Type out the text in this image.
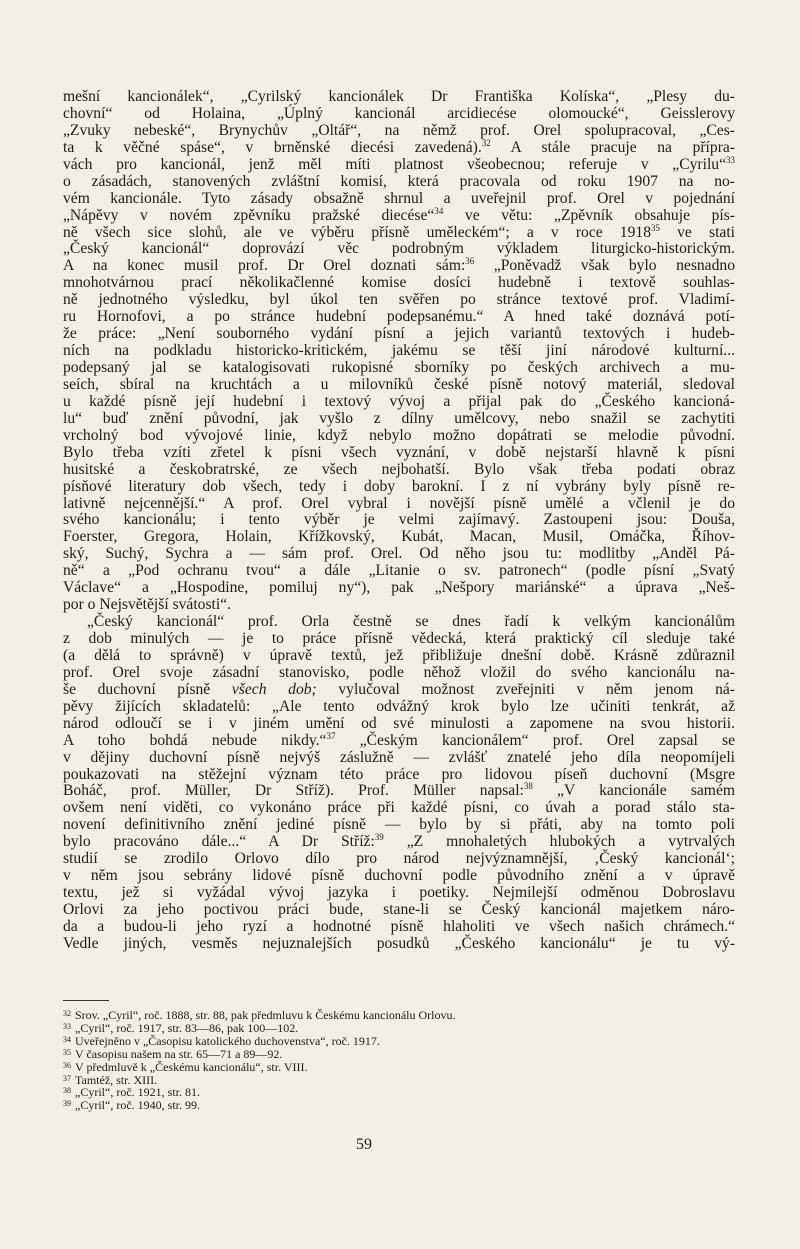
mešní kancionálek“, „Cyrilský kancionálek Dr Františka Kolíska“, „Plesy du-
chovní“ od Holaina, „Úplný kancionál arcidiecése olomoucké“, Geisslerovy
„Zvuky nebeské“, Brynychův „Oltář“, na němž prof. Orel spolupracoval, „Ces-
ta k věčné spáse“, v brněnské diecési zavedená).$^{32}$ A stále pracuje na přípra-
vách pro kancionál, jenž měl míti platnost všeobecnou; referuje v „Cyrilu“$^{33}$
o zásadách, stanovených zvláštní komisí, která pracovala od roku 1907 na no-
vém kancionále. Tyto zásady obsažně shrnul a uveřejnil prof. Orel v pojednání
„Nápěvy v novém zpěvníku pražské diecése“$^{34}$ ve větu: „Zpěvník obsahuje pís-
ně všech sice slohů, ale ve výběru přísně uměleckém“; a v roce 1918$^{35}$ ve stati
„Český kancionál“ doprovází věc podrobným výkladem liturgicko-historickým.
A na konec musil prof. Dr Orel doznati sám:$^{36}$ „Poněvadž však bylo nesnadno
mnohotvárnou prací několikačlenné komise dosíci hudebně i textově souhlas-
ně jednotného výsledku, byl úkol ten svěřen po stránce textové prof. Vladimí-
ru Hornofovi, a po stránce hudební podepsanému.“ A hned také doznává potí-
že práce: „Není souborného vydání písní a jejich variantů textových i hudeb-
ních na podkladu historicko-kritickém, jakému se těší jiní národové kulturní...
podepsaný jal se katalogisovati rukopisné sborníky po českých archivech a mu-
seích, sbíral na kruchtách a u milovníků české písně notový materiál, sledoval
u každé písně její hudební i textový vývoj a přijal pak do „Českého kancioná-
lu“ buď znění původní, jak vyšlo z dílny umělcovy, nebo snažil se zachytiti
vrcholný bod vývojové linie, když nebylo možno dopátrati se melodie původní.
Bylo třeba vzíti zřetel k písni všech vyznání, v době nejstarší hlavně k písni
husitské a českobratrské, ze všech nejbohatší. Bylo však třeba podati obraz
písňové literatury dob všech, tedy i doby barokní. I z ní vybrány byly písně re-
lativně nejcennější.“ A prof. Orel vybral i novější písně umělé a včlenil je do
svého kancionálu; i tento výběr je velmi zajímavý. Zastoupeni jsou: Douša,
Foerster, Gregora, Holain, Křížkovský, Kubát, Macan, Musil, Omáčka, Říhov-
ský, Suchý, Sychra a — sám prof. Orel. Od něho jsou tu: modlitby „Anděl Pá-
ně“ a „Pod ochranu tvou“ a dále „Litanie o sv. patronech“ (podle písní „Svatý
Václave“ a „Hospodine, pomiluj ny“), pak „Nešpory mariánské“ a úprava „Neš-
por o Nejsvětější svátosti“.
„Český kancionál“ prof. Orla čestně se dnes řadí k velkým kancionálům
z dob minulých — je to práce přísně vědecká, která praktický cíl sleduje také
(a dělá to správně) v úpravě textů, jež přibližuje dnešní době. Krásně zdůraznil
prof. Orel svoje zásadní stanovisko, podle něhož vložil do svého kancionálu na-
še duchovní písně všech dob; vylučoval možnost zveřejniti v něm jenom ná-
pěvy žijících skladatelů: „Ale tento odvážný krok bylo lze učiniti tenkrát, až
národ odloučí se i v jiném umění od své minulosti a zapomene na svou historii.
A toho bohdá nebude nikdy.“$^{37}$ „Českým kancionálem“ prof. Orel zapsal se
v dějiny duchovní písně nejvýš záslužně — zvlášť znatelé jeho díla neopomíjeli
poukazovati na stěžejní význam této práce pro lidovou píseň duchovní (Msgre
Boháč, prof. Müller, Dr Stříž). Prof. Müller napsal:$^{38}$ „V kancionále samém
ovšem není viděti, co vykonáno práce při každé písni, co úvah a porad stálo sta-
novení definitivního znění jediné písně — bylo by si přáti, aby na tomto poli
bylo pracováno dále...“ A Dr Stříž:$^{39}$ „Z mnohaletých hlubokých a vytrvalých
studií se zrodilo Orlovo dílo pro národ nejvýznamnější, ‚Český kancionál‘;
v něm jsou sebrány lidové písně duchovní podle původního znění a v úpravě
textu, jež si vyžádal vývoj jazyka i poetiky. Nejmilejší odměnou Dobroslavu
Orlovi za jeho poctivou práci bude, stane-li se Český kancionál majetkem náro-
da a budou-li jeho ryzí a hodnotné písně hlaholiti ve všech našich chrámech.“
Vedle jiných, vesměs nejuznalejších posudků „Českého kancionálu“ je tu vý-
$^{32}$ Srov. „Cyril“, roč. 1888, str. 88, pak předmluvu k Českému kancionálu Orlovu.
$^{33}$ „Cyril“, roč. 1917, str. 83—86, pak 100—102.
$^{34}$ Uveřejněno v „Časopisu katolického duchovenstva“, roč. 1917.
$^{35}$ V časopisu našem na str. 65—71 a 89—92.
$^{36}$ V předmluvě k „Českému kancionálu“, str. VIII.
$^{37}$ Tamtéž, str. XIII.
$^{38}$ „Cyril“, roč. 1921, str. 81.
$^{39}$ „Cyril“, roč. 1940, str. 99.
59
